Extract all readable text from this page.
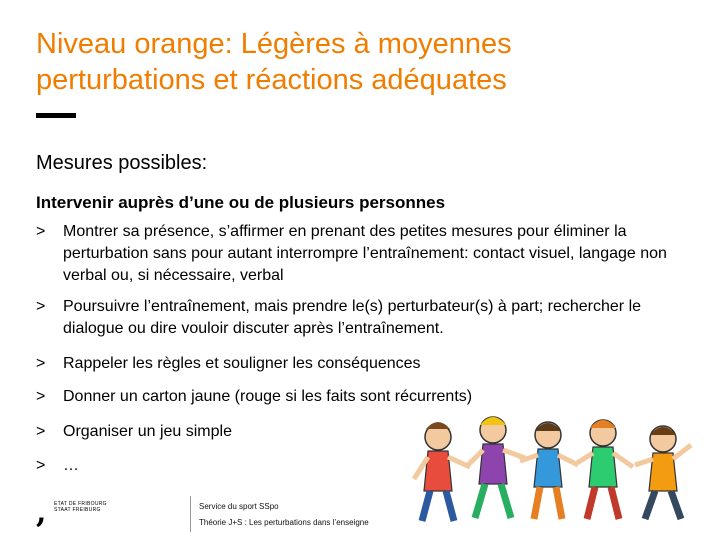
Niveau orange: Légères à moyennes perturbations et réactions adéquates
Mesures possibles:
Intervenir auprès d’une ou de plusieurs personnes
>	Montrer sa présence, s’affirmer en prenant des petites mesures pour éliminer la perturbation sans pour autant interrompre l’entraînement: contact visuel, langage non verbal ou, si nécessaire, verbal
>	Poursuivre l’entraînement, mais prendre le(s) perturbateur(s) à part; rechercher le dialogue ou dire vouloir discuter après l’entraînement.
>	Rappeler les règles et souligner les conséquences
>	Donner un carton jaune (rouge si les faits sont récurrents)
>	Organiser un jeu simple
>	…
, ETAT DE FRIBOURG
STAAT FREIBURG	Service du sport SSpo
Théorie J+S : Les perturbations dans l’enseigne
